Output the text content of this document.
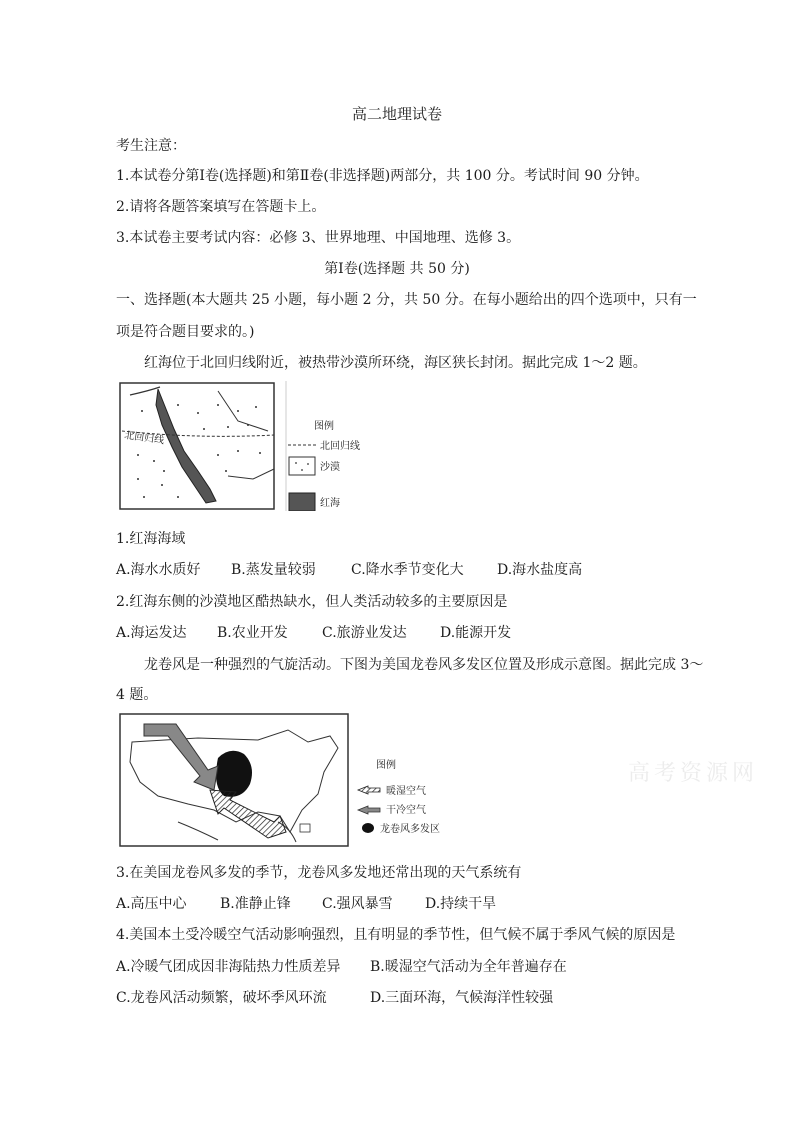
高二地理试卷
考生注意：
1.本试卷分第Ⅰ卷(选择题)和第Ⅱ卷(非选择题)两部分，共 100 分。考试时间 90 分钟。
2.请将各题答案填写在答题卡上。
3.本试卷主要考试内容：必修 3、世界地理、中国地理、选修 3。
第Ⅰ卷(选择题 共 50 分)
一、选择题(本大题共 25 小题，每小题 2 分，共 50 分。在每小题给出的四个选项中，只有一
项是符合题目要求的。)
红海位于北回归线附近，被热带沙漠所环绕，海区狭长封闭。据此完成 1～2 题。
北回归线
图例
北回归线
沙漠
红海
1.红海海域
A.海水水质好 B.蒸发量较弱	C.降水季节变化大 D.海水盐度高
2.红海东侧的沙漠地区酷热缺水，但人类活动较多的主要原因是
A.海运发达 B.农业开发 C.旅游业发达 D.能源开发
龙卷风是一种强烈的气旋活动。下图为美国龙卷风多发区位置及形成示意图。据此完成 3～
4 题。
图例
暖湿空气
干冷空气
龙卷风多发区
高考资源网
3.在美国龙卷风多发的季节，龙卷风多发地还常出现的天气系统有
A.高压中心 B.准静止锋 C.强风暴雪 D.持续干旱
4.美国本土受冷暖空气活动影响强烈，且有明显的季节性，但气候不属于季风气候的原因是
A.冷暖气团成因非海陆热力性质差异 B.暖湿空气活动为全年普遍存在
C.龙卷风活动频繁，破坏季风环流	D.三面环海，气候海洋性较强
